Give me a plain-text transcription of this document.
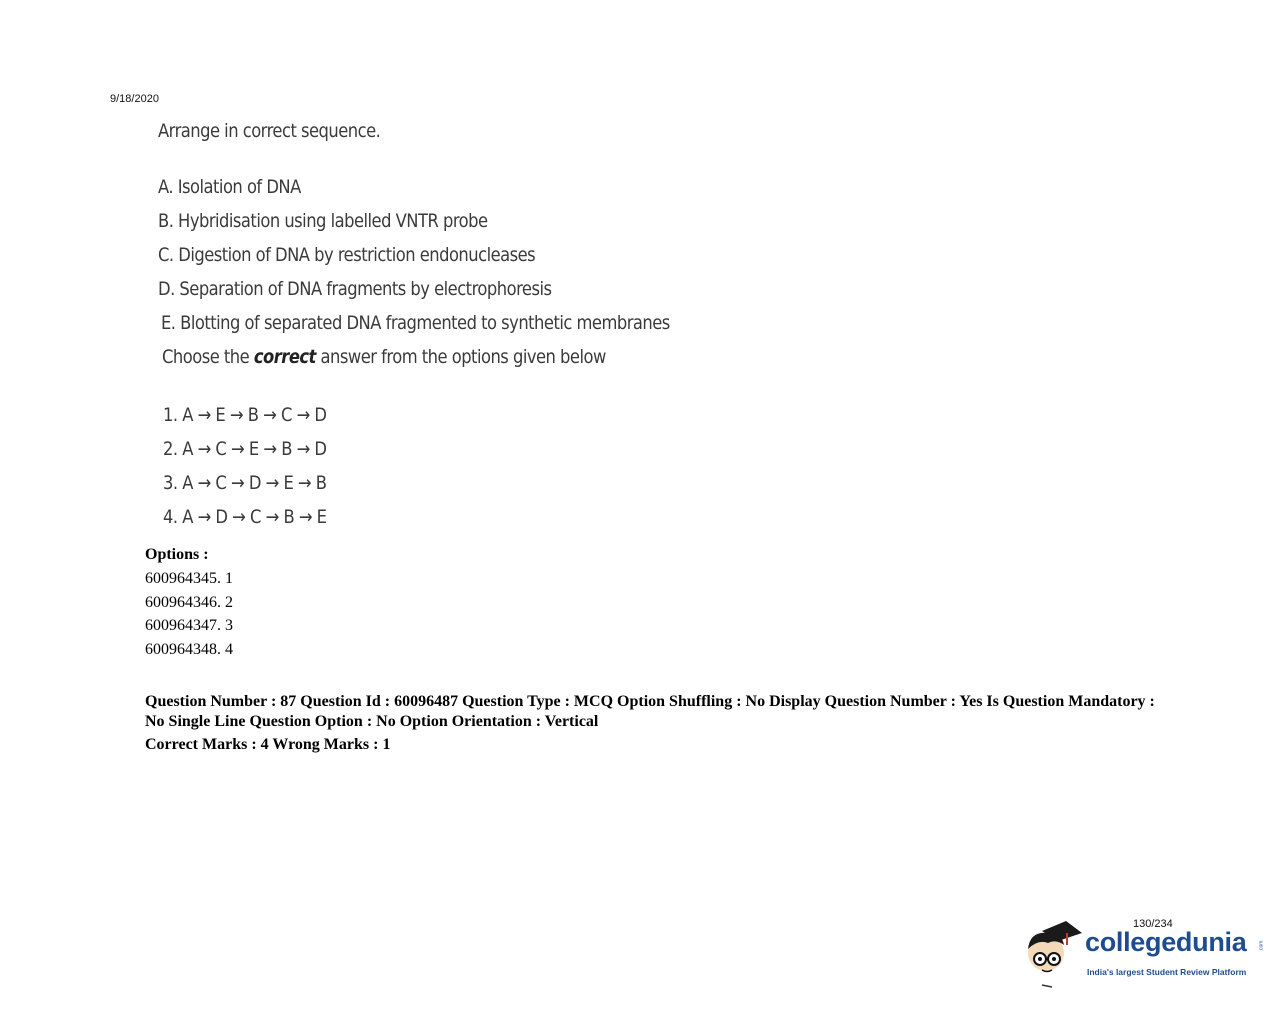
9/18/2020
Arrange in correct sequence.
A. Isolation of DNA
B. Hybridisation using labelled VNTR probe
C. Digestion of DNA by restriction endonucleases
D. Separation of DNA fragments by electrophoresis
E. Blotting of separated DNA fragmented to synthetic membranes
Choose the correct answer from the options given below
1. A → E → B → C → D
2. A → C → E → B → D
3. A → C → D → E → B
4. A → D → C → B → E
Options :
600964345. 1
600964346. 2
600964347. 3
600964348. 4
Question Number : 87 Question Id : 60096487 Question Type : MCQ Option Shuffling : No Display Question Number : Yes Is Question Mandatory : No Single Line Question Option : No Option Orientation : Vertical
Correct Marks : 4 Wrong Marks : 1
130/234
collegedunia .com
India's largest Student Review Platform
